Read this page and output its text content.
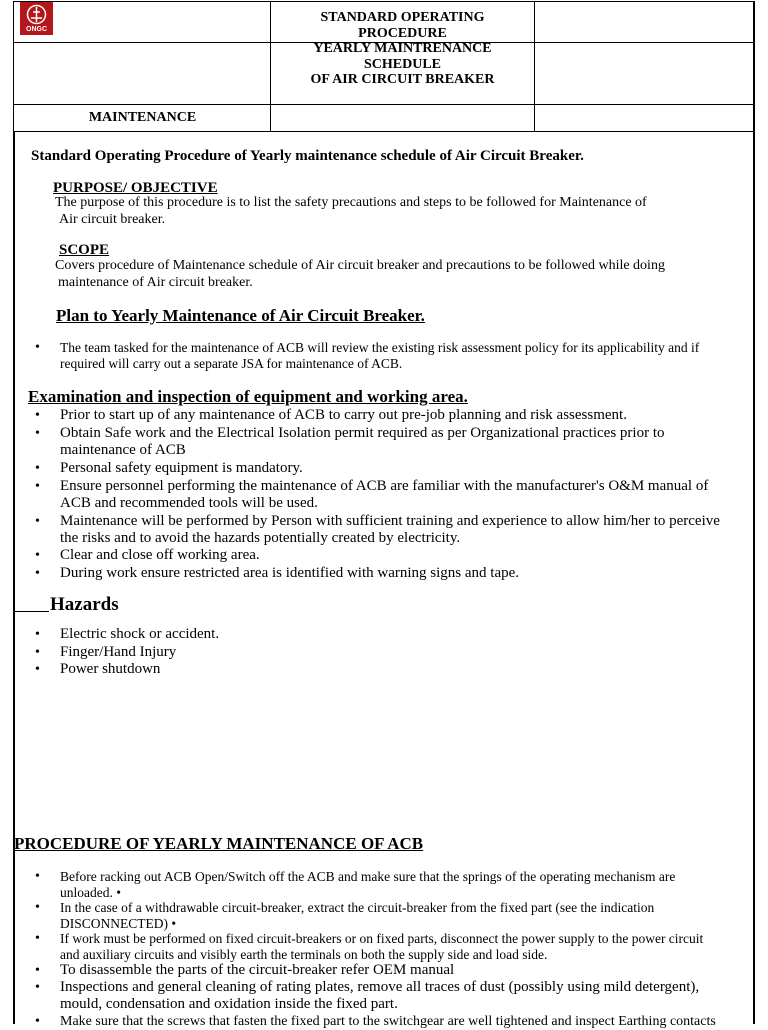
ONGC
STANDARD OPERATING
PROCEDURE
YEARLY MAINTRENANCE
SCHEDULE
OF AIR CIRCUIT BREAKER
MAINTENANCE
Standard Operating Procedure of Yearly maintenance schedule of Air Circuit Breaker.
PURPOSE/ OBJECTIVE
The purpose of this procedure is to list the safety precautions and steps to be followed for Maintenance of
Air circuit breaker.
SCOPE
Covers procedure of Maintenance schedule of Air circuit breaker and precautions to be followed while doing
maintenance of Air circuit breaker.
Plan to Yearly Maintenance of Air Circuit Breaker.
• The team tasked for the maintenance of ACB will review the existing risk assessment policy for its applicability and if
required will carry out a separate JSA for maintenance of ACB.
Examination and inspection of equipment and working area.
• Prior to start up of any maintenance of ACB to carry out pre-job planning and risk assessment.
• Obtain Safe work and the Electrical Isolation permit required as per Organizational practices prior to
maintenance of ACB
• Personal safety equipment is mandatory.
• Ensure personnel performing the maintenance of ACB are familiar with the manufacturer's O&M manual of
ACB and recommended tools will be used.
• Maintenance will be performed by Person with sufficient training and experience to allow him/her to perceive
the risks and to avoid the hazards potentially created by electricity.
• Clear and close off working area.
• During work ensure restricted area is identified with warning signs and tape.
Hazards
• Electric shock or accident.
• Finger/Hand Injury
• Power shutdown
PROCEDURE OF YEARLY MAINTENANCE OF ACB
• Before racking out ACB Open/Switch off the ACB and make sure that the springs of the operating mechanism are
unloaded. •
• In the case of a withdrawable circuit-breaker, extract the circuit-breaker from the fixed part (see the indication
DISCONNECTED) •
• If work must be performed on fixed circuit-breakers or on fixed parts, disconnect the power supply to the power circuit
and auxiliary circuits and visibly earth the terminals on both the supply side and load side.
• To disassemble the parts of the circuit-breaker refer OEM manual
• Inspections and general cleaning of rating plates, remove all traces of dust (possibly using mild detergent),
mould, condensation and oxidation inside the fixed part.
• Make sure that the screws that fasten the fixed part to the switchgear are well tightened and inspect Earthing contacts
